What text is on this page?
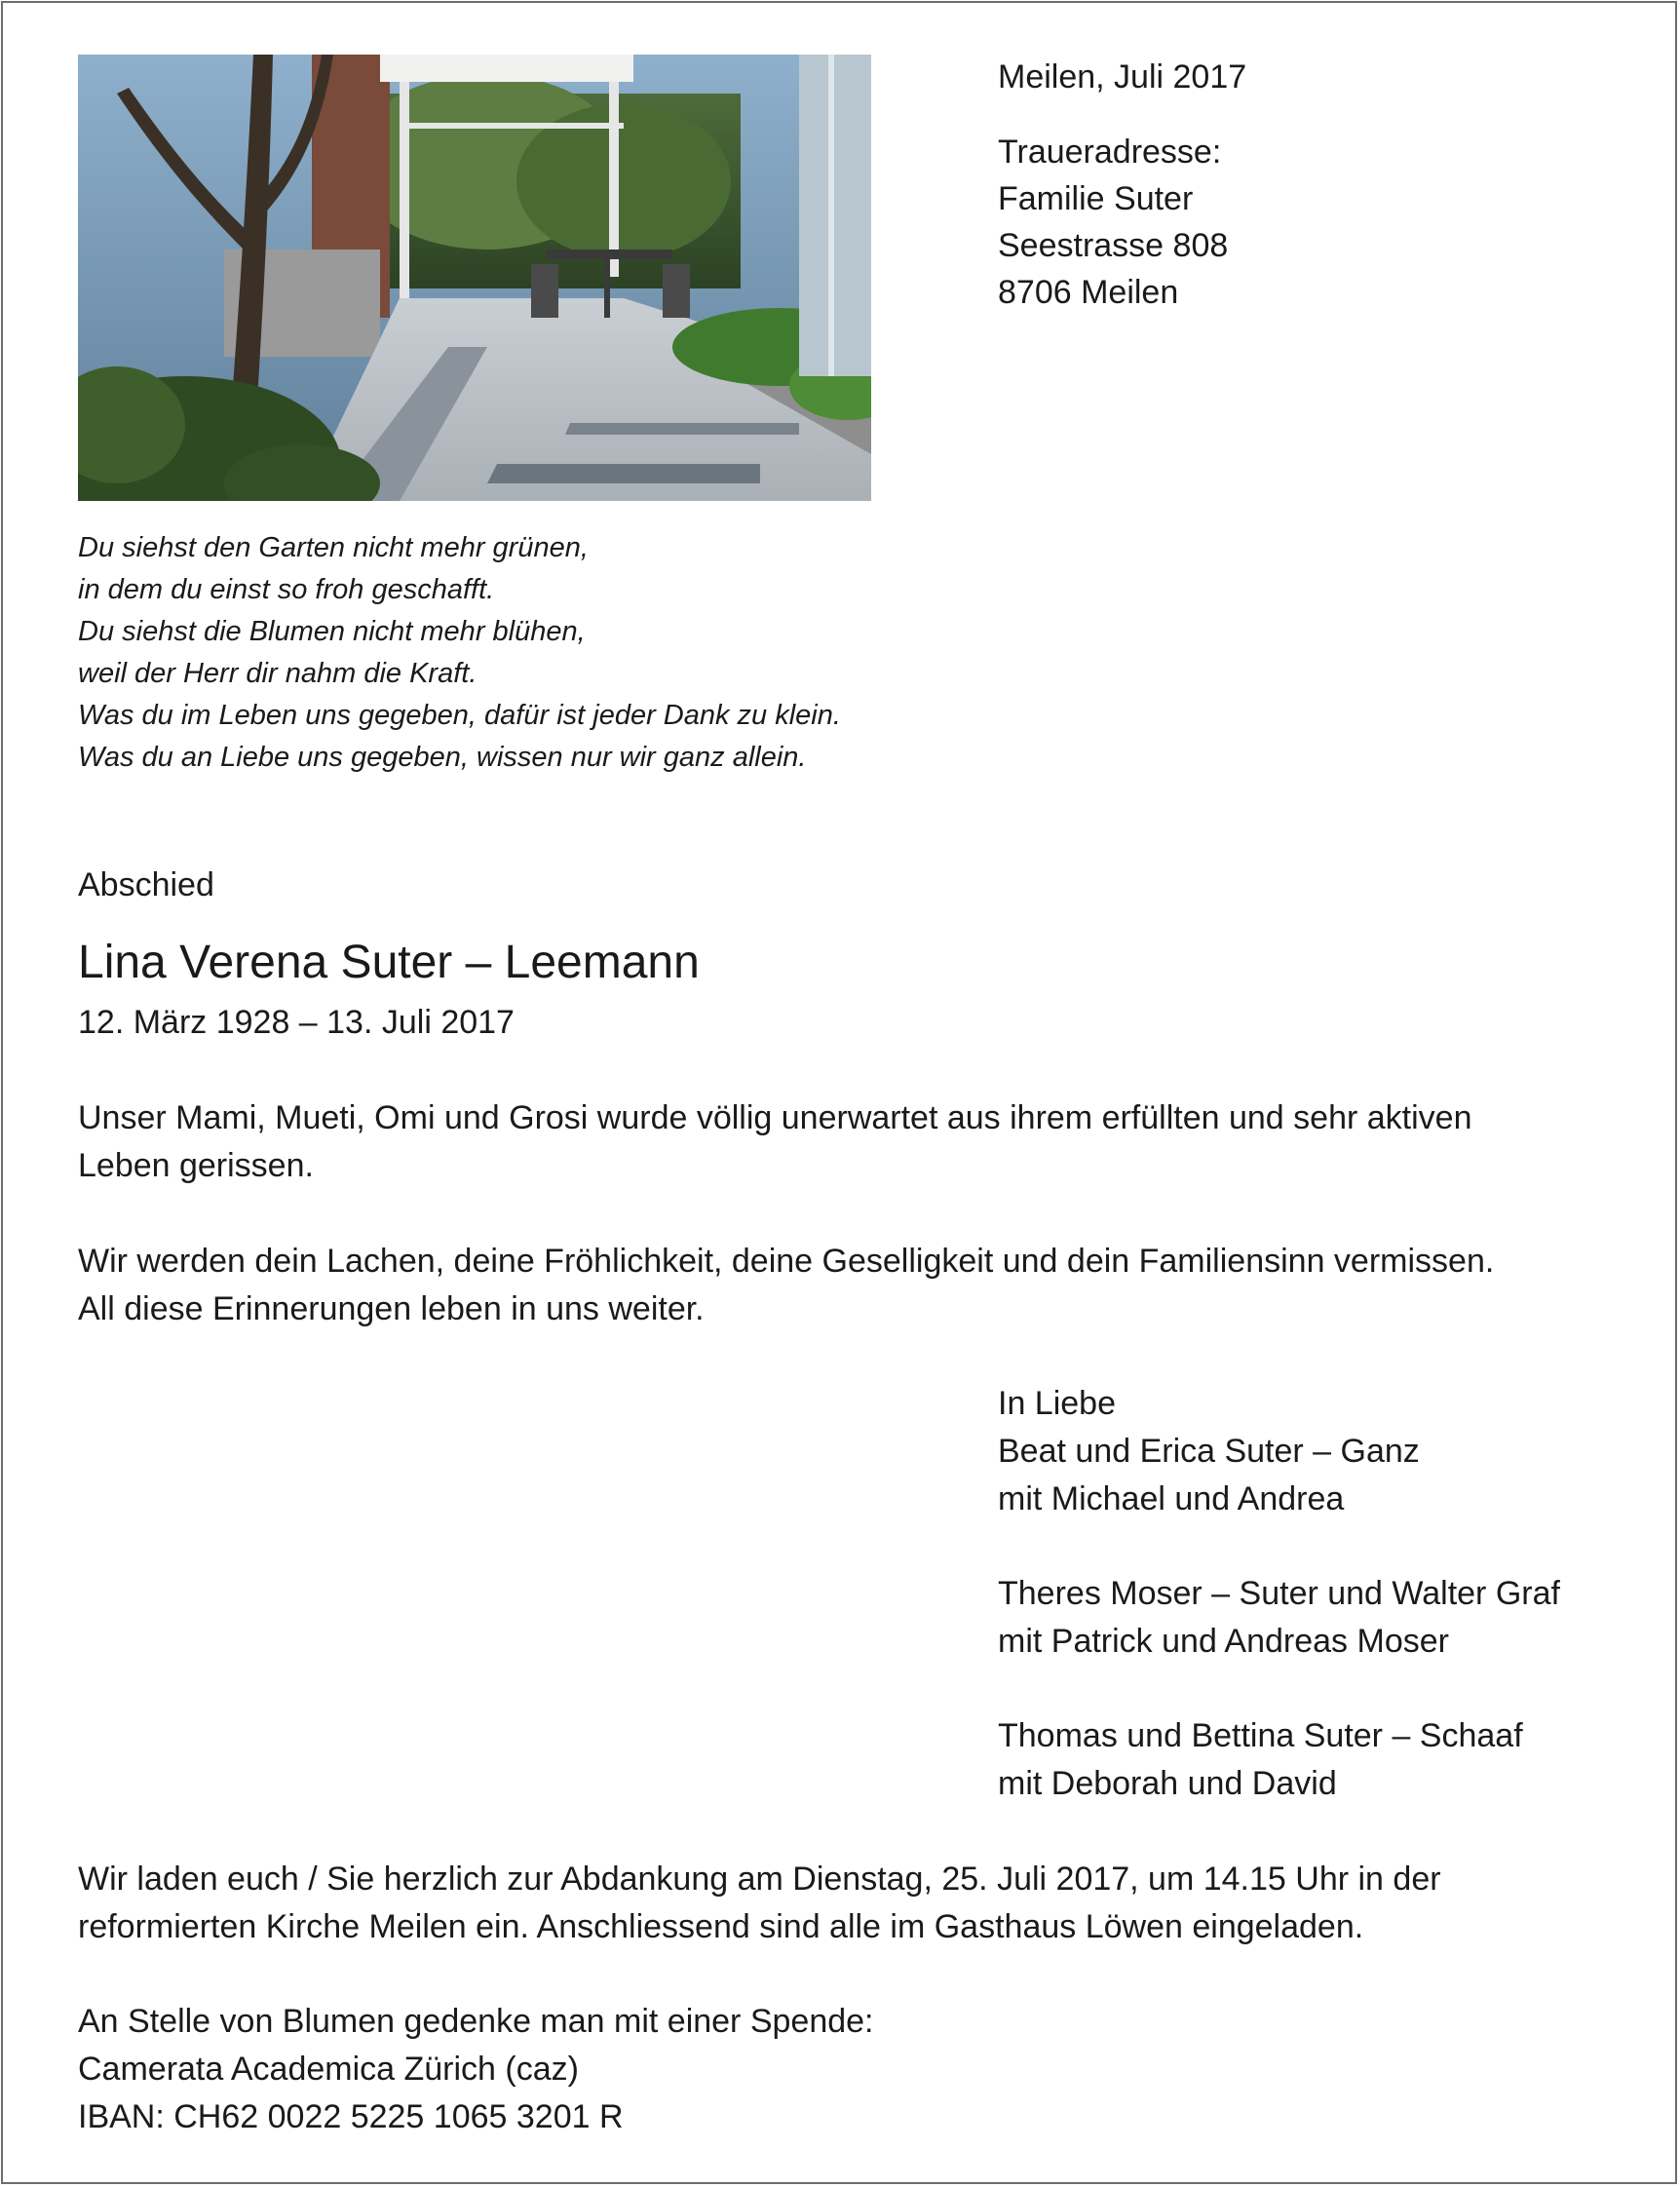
Meilen, Juli 2017
Traueradresse:
Familie Suter
Seestrasse 808
8706 Meilen
Du siehst den Garten nicht mehr grünen,
in dem du einst so froh geschafft.
Du siehst die Blumen nicht mehr blühen,
weil der Herr dir nahm die Kraft.
Was du im Leben uns gegeben, dafür ist jeder Dank zu klein.
Was du an Liebe uns gegeben, wissen nur wir ganz allein.
Abschied
Lina Verena Suter – Leemann
12. März 1928 – 13. Juli 2017
Unser Mami, Mueti, Omi und Grosi wurde völlig unerwartet aus ihrem erfüllten und sehr aktiven
Leben gerissen.
Wir werden dein Lachen, deine Fröhlichkeit, deine Geselligkeit und dein Familiensinn vermissen.
All diese Erinnerungen leben in uns weiter.
In Liebe
Beat und Erica Suter – Ganz
mit Michael und Andrea
Theres Moser – Suter und Walter Graf
mit Patrick und Andreas Moser
Thomas und Bettina Suter – Schaaf
mit Deborah und David
Wir laden euch / Sie herzlich zur Abdankung am Dienstag, 25. Juli 2017, um 14.15 Uhr in der
reformierten Kirche Meilen ein. Anschliessend sind alle im Gasthaus Löwen eingeladen.
An Stelle von Blumen gedenke man mit einer Spende:
Camerata Academica Zürich (caz)
IBAN: CH62 0022 5225 1065 3201 R
